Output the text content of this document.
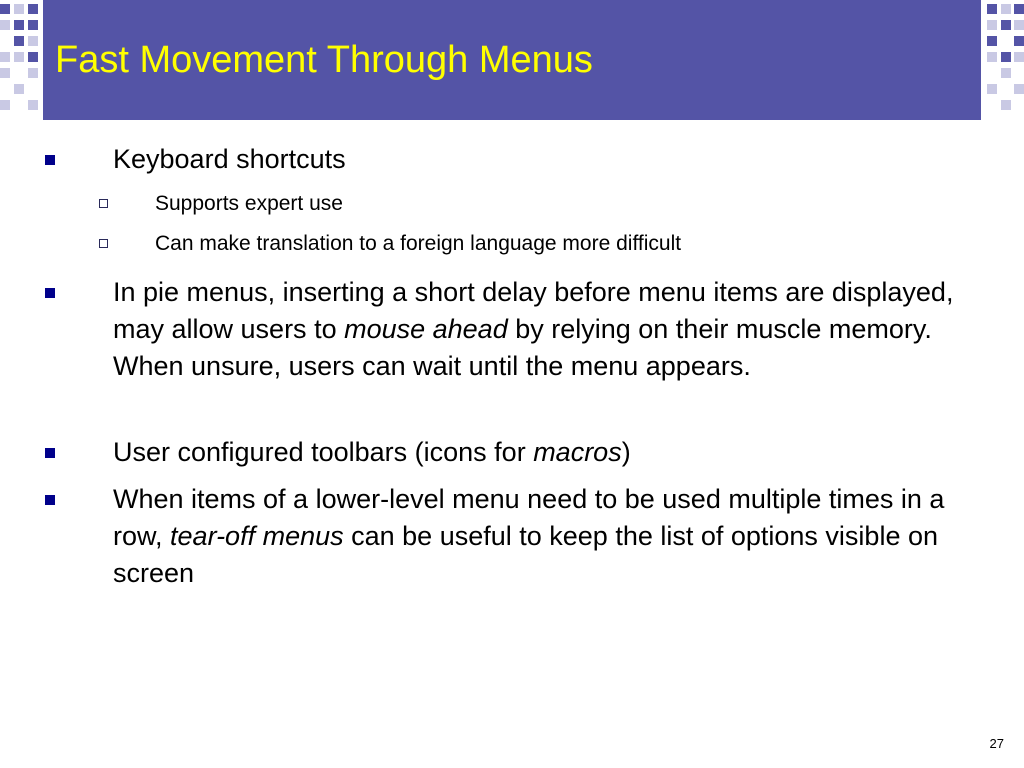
Fast Movement Through Menus
Keyboard shortcuts
Supports expert use
Can make translation to a foreign language more difficult
In pie menus, inserting a short delay before menu items are displayed, may allow users to mouse ahead by relying on their muscle memory. When unsure, users can wait until the menu appears.
User configured toolbars (icons for macros)
When items of a lower-level menu need to be used multiple times in a row, tear-off menus can be useful to keep the list of options visible on screen
27
